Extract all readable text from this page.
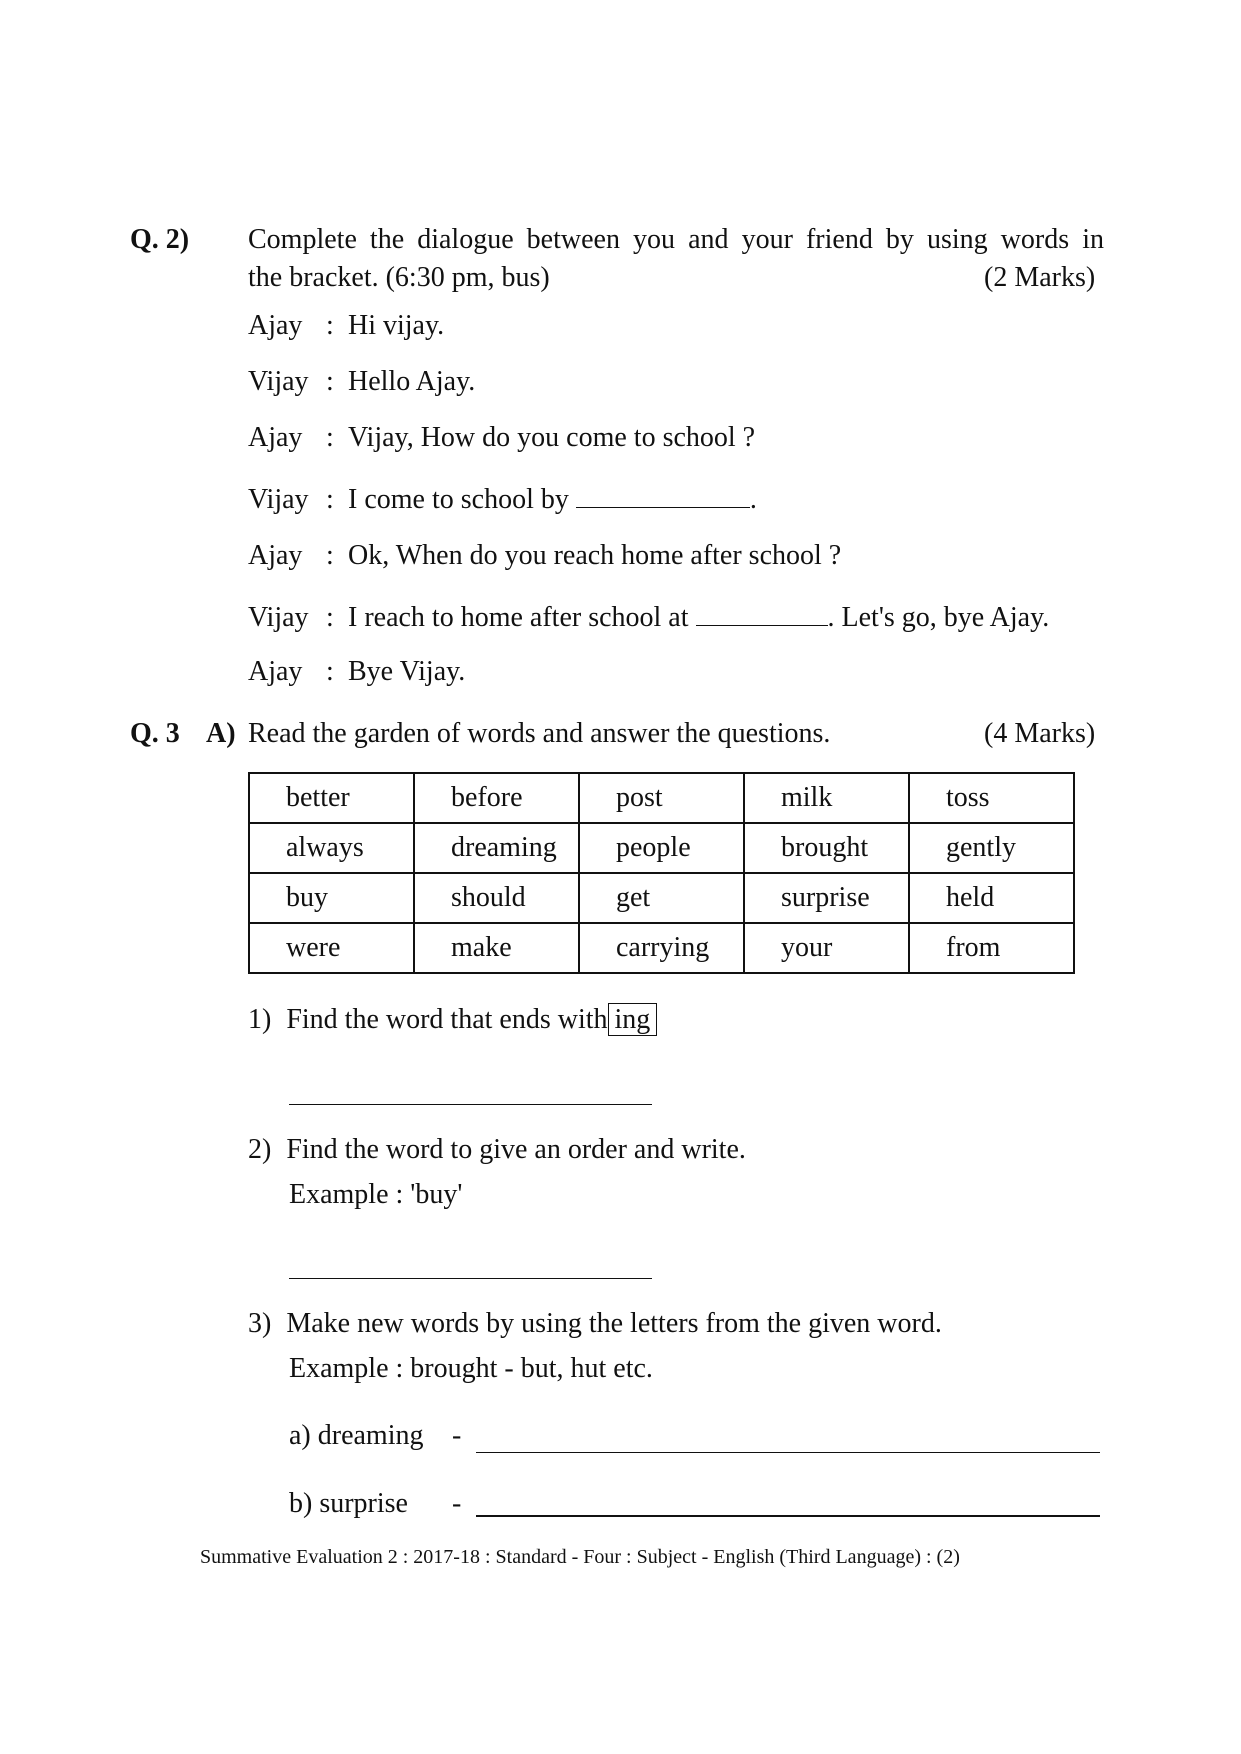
Q. 2) Complete the dialogue between you and your friend by using words in
the bracket. (6:30 pm, bus)	(2 Marks)
Ajay : Hi vijay.
Vijay : Hello Ajay.
Ajay : Vijay, How do you come to school ?
Vijay : I come to school by	.
Ajay : Ok, When do you reach home after school ?
Vijay : I reach to home after school at	. Let's go, bye Ajay.
Ajay : Bye Vijay.
Q. 3 A) Read the garden of words and answer the questions.	(4 Marks)
better	before	post	milk	toss
always	dreaming	people	brought	gently
buy	should	get	surprise	held
were	make	carrying	your	from
1) Find the word that ends with ing
2) Find the word to give an order and write.
Example : 'buy'
3) Make new words by using the letters from the given word.
Example : brought - but, hut etc.
a) dreaming -
b) surprise -
Summative Evaluation 2 : 2017-18 : Standard - Four : Subject - English (Third Language) : (2)
